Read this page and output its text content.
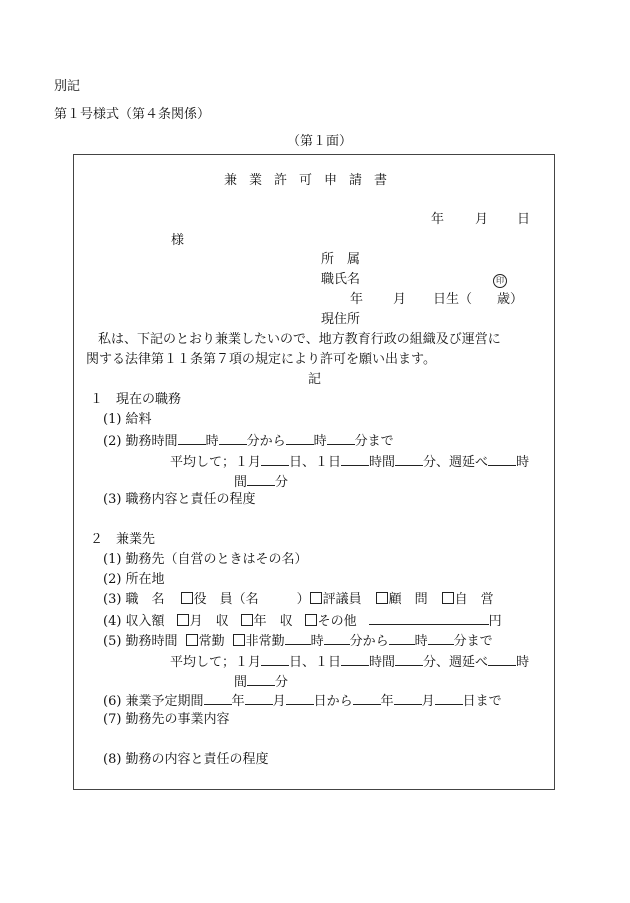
別記
第１号様式（第４条関係）
（第１面）
兼業許可申請書
年 月 日
様
所　属
職氏名	印
年 月 日生（ 歳）
現住所
私は、下記のとおり兼業したいので、地方教育行政の組織及び運営に
関する法律第１１条第７項の規定により許可を願い出ます。
記
１　現在の職務
(1) 給料
(2) 勤務時間 時 分から 時 分まで
平均して；１月 日、１日 時間 分、週延べ 時
間 分
(3) 職務内容と責任の程度
２　兼業先
(1) 勤務先（自営のときはその名）
(2) 所在地
(3) 職　名 役　員（名	） 評議員 顧　問 自　営
(4) 収入額 月　収 年　収 その他	円
(5) 勤務時間 常勤 非常勤 時 分から 時 分まで
平均して；１月 日、１日 時間 分、週延べ 時
間 分
(6) 兼業予定期間 年 月 日から 年 月 日まで
(7) 勤務先の事業内容
(8) 勤務の内容と責任の程度
